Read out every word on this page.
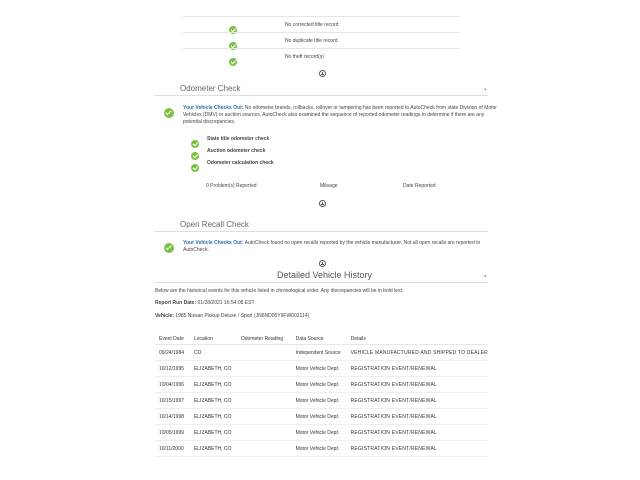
No corrected title record
No duplicate title record
No theft record(s)
Odometer Check	▴
Your Vehicle Checks Out: No odometer brands, rollbacks, rollover or tampering has been reported to AutoCheck from state Division of Motor
Vehicles (DMV) or auction sources. AutoCheck also examined the sequence of reported odometer readings to determine if there are any
potential discrepancies.
State title odometer check
Auction odometer check
Odometer calculation check
0 Problem(s) Reported	Mileage	Date Reported
Open Recall Check
Your Vehicle Checks Out: AutoCheck found no open recalls reported by the vehicle manufacturer. Not all open recalls are reported to
AutoCheck.
Detailed Vehicle History	▴
Below are the historical events for this vehicle listed in chronological order. Any discrepancies will be in bold text.
Report Run Date: 01/28/2021 16:54:08 EST
Vehicle: 1985 Nissan Pickup Deluxe / Sport (JN6ND06Y9FW002114)
Event Date	Location	Odometer Reading	Data Source	Details
09/24/1984	CO		Independent Source	VEHICLE MANUFACTURED AND SHIPPED TO DEALER
10/12/1995	ELIZABETH, CO		Motor Vehicle Dept.	REGISTRATION EVENT/RENEWAL
10/04/1996	ELIZABETH, CO		Motor Vehicle Dept.	REGISTRATION EVENT/RENEWAL
10/15/1997	ELIZABETH, CO		Motor Vehicle Dept.	REGISTRATION EVENT/RENEWAL
10/14/1998	ELIZABETH, CO		Motor Vehicle Dept.	REGISTRATION EVENT/RENEWAL
10/05/1999	ELIZABETH, CO		Motor Vehicle Dept.	REGISTRATION EVENT/RENEWAL
10/11/2000	ELIZABETH, CO		Motor Vehicle Dept.	REGISTRATION EVENT/RENEWAL
